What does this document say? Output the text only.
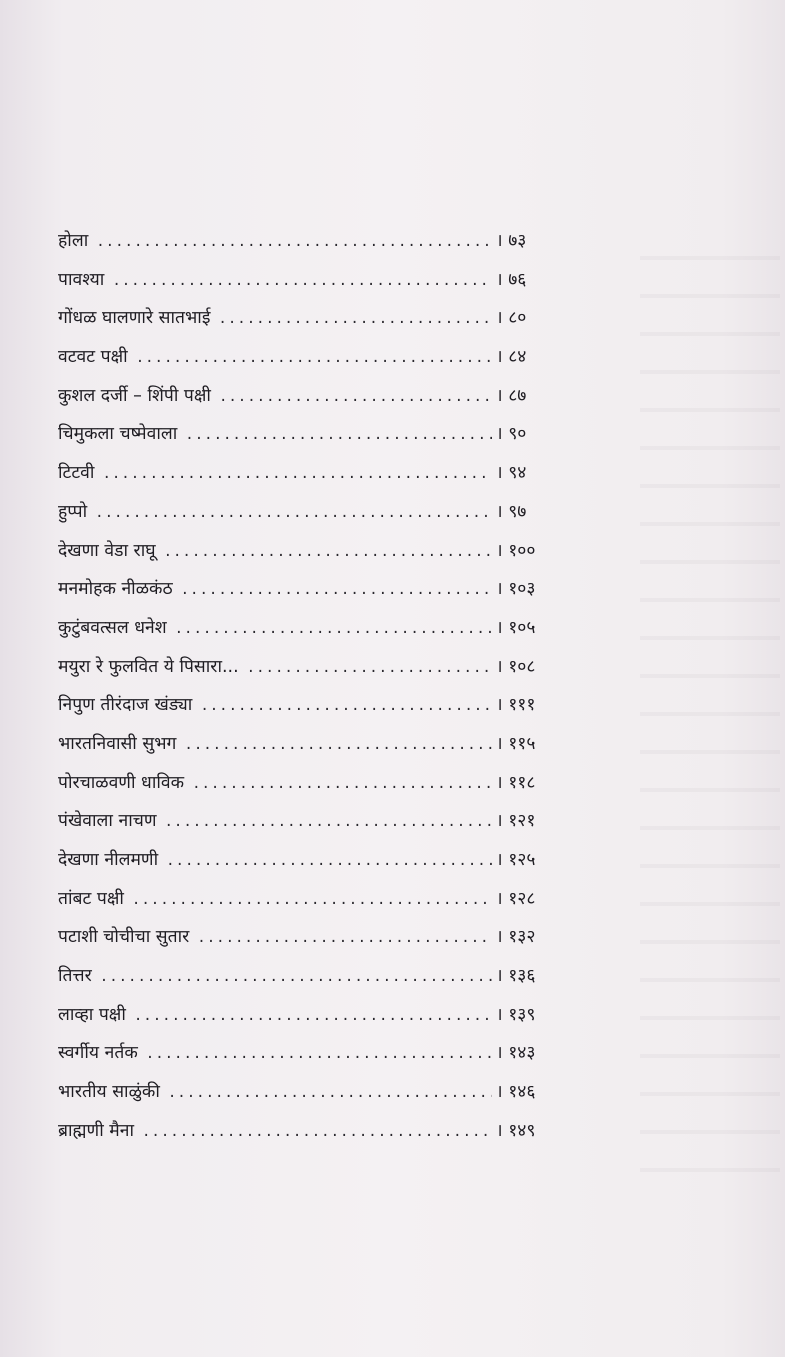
होला .....	। ७३
पावश्या .....	। ७६
गोंधळ घालणारे सातभाई .....	। ८०
वटवट पक्षी .....	। ८४
कुशल दर्जी – शिंपी पक्षी .....	। ८७
चिमुकला चष्मेवाला .....	। ९०
टिटवी .....	। ९४
हुप्पो .....	। ९७
देखणा वेडा राघू .....	। १००
मनमोहक नीळकंठ .....	। १०३
कुटुंबवत्सल धनेश .....	। १०५
मयुरा रे फुलवित ये पिसारा... .....	। १०८
निपुण तीरंदाज खंड्या .....	। १११
भारतनिवासी सुभग .....	। ११५
पोरचाळवणी धाविक .....	। ११८
पंखेवाला नाचण .....	। १२१
देखणा नीलमणी .....	। १२५
तांबट पक्षी .....	। १२८
पटाशी चोचीचा सुतार .....	। १३२
तित्तर .....	। १३६
लाव्हा पक्षी .....	। १३९
स्वर्गीय नर्तक .....	। १४३
भारतीय साळुंकी .....	। १४६
ब्राह्मणी मैना .....	। १४९
